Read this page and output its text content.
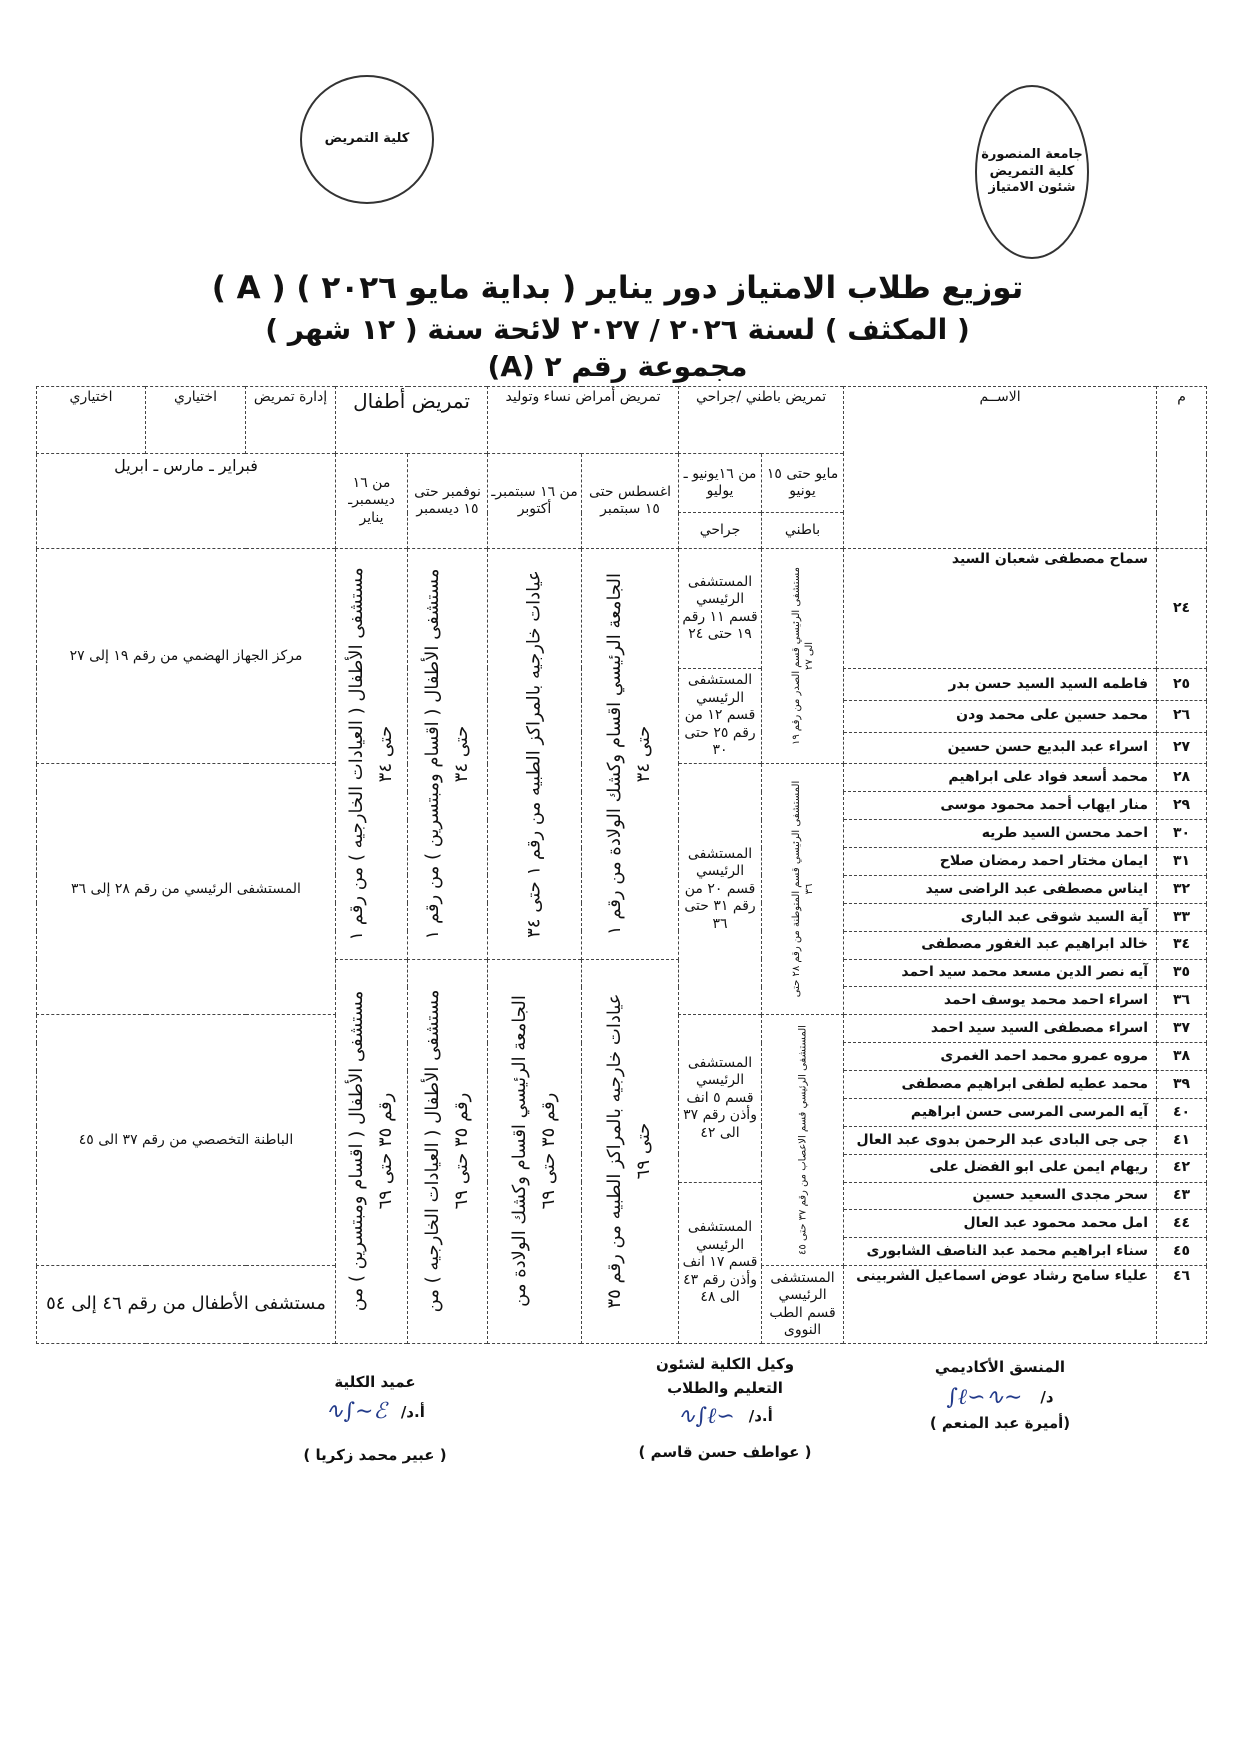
كلية التمريض
جامعة المنصورة
كلية التمريض
شئون الامتياز
توزيع طلاب الامتياز دور يناير ( بداية مايو ٢٠٢٦ ) ( A )
( المكثف ) لسنة ٢٠٢٦ / ٢٠٢٧ لائحة سنة ( ١٢ شهر )
مجموعة رقم ٢ (A)
م	الاســم	تمريض باطني /جراحي		تمريض أمراض نساء وتوليد		تمريض أطفال		إدارة تمريض	اختياري	اختياري
		مايو حتى ١٥ يونيو	من ١٦يونيو ـ يوليو	اغسطس حتى ١٥ سبتمبر	من ١٦ سبتمبرـ أكتوبر	نوفمبر حتى ١٥ ديسمبر	من ١٦ ديسمبرـ يناير	فبراير ـ مارس ـ ابريل		
		باطني	جراحي							
٢٤	سماح مصطفى شعبان السيد	مستشفى الرئيسي قسم الصدر من رقم ١٩ الى ٢٧	المستشفى الرئيسي قسم ١١ رقم ١٩ حتى ٢٤	الجامعة الرئيسي اقسام وكشك الولادة من رقم ١ حتى ٣٤	عيادات خارجيه بالمراكز الطبيه من رقم ١ حتى ٣٤	مستشفى الأطفال ( اقسام ومبتسرين ) من رقم ١ حتى ٣٤	مستشفى الأطفال ( العيادات الخارجيه ) من رقم ١ حتى ٣٤	مركز الجهاز الهضمي من رقم ١٩ إلى ٢٧		
٢٥	فاطمه السيد السيد حسن بدر		المستشفى الرئيسي قسم ١٢ من رقم ٢٥ حتى ٣٠							
٢٦	محمد حسين على محمد ودن									
٢٧	اسراء عبد البديع حسن حسين									
٢٨	محمد أسعد فواد على ابراهيم	المستشفى الرئيسي قسم المتوطنة من رقم ٢٨ حتى ٣٦	المستشفى الرئيسي قسم ٢٠ من رقم ٣١ حتى ٣٦					المستشفى الرئيسي من رقم ٢٨ إلى ٣٦		
٢٩	منار ايهاب أحمد محمود موسى									
٣٠	احمد محسن السيد طريه									
٣١	ايمان مختار احمد رمضان صلاح									
٣٢	ايناس مصطفى عبد الراضى سيد									
٣٣	آية السيد شوقى عبد البارى									
٣٤	خالد ابراهيم عبد الغفور مصطفى									
٣٥	آيه نصر الدين مسعد محمد سيد احمد			عيادات خارجيه بالمراكز الطبيه من رقم ٣٥ حتى ٦٩	الجامعة الرئيسي اقسام وكشك الولادة من رقم ٣٥ حتى ٦٩	مستشفى الأطفال ( العيادات الخارجيه ) من رقم ٣٥ حتى ٦٩	مستشفى الأطفال ( اقسام ومبتسرين ) من رقم ٣٥ حتى ٦٩			

٣٦	اسراء احمد محمد يوسف احمد									
٣٧	اسراء مصطفى السيد سيد احمد	المستشفى الرئيسي قسم الاعصاب من رقم ٣٧ حتى ٤٥	المستشفى الرئيسي قسم ٥ انف وأذن رقم ٣٧ الى ٤٢					الباطنة التخصصي من رقم ٣٧ الى ٤٥		
٣٨	مروه عمرو محمد احمد الغمرى									
٣٩	محمد عطيه لطفى ابراهيم مصطفى									
٤٠	آيه المرسى المرسى حسن ابراهيم									
٤١	جى جى البادى عبد الرحمن بدوى عبد العال									
٤٢	ريهام ايمن على ابو الفضل على									
٤٣	سحر مجدى السعيد حسين		المستشفى الرئيسي قسم ١٧ انف وأذن رقم ٤٣ الى ٤٨							
٤٤	امل محمد محمود عبد العال									
٤٥	سناء ابراهيم محمد عبد الناصف الشابورى									
٤٦	علياء سامح رشاد عوض اسماعيل الشربينى	المستشفى الرئيسي قسم الطب النووى						مستشفى الأطفال من رقم ٤٦ إلى ٥٤		
المنسق الأكاديمي
د/
∽∿∼ℓ∫
(أميرة عبد المنعم )
وكيل الكلية لشئون
التعليم والطلاب
أ.د/
∼ℓ∫∿
( عواطف حسن قاسم )
عميد الكلية
أ.د/
ℰ∽∫∿
( عبير محمد زكريا )
